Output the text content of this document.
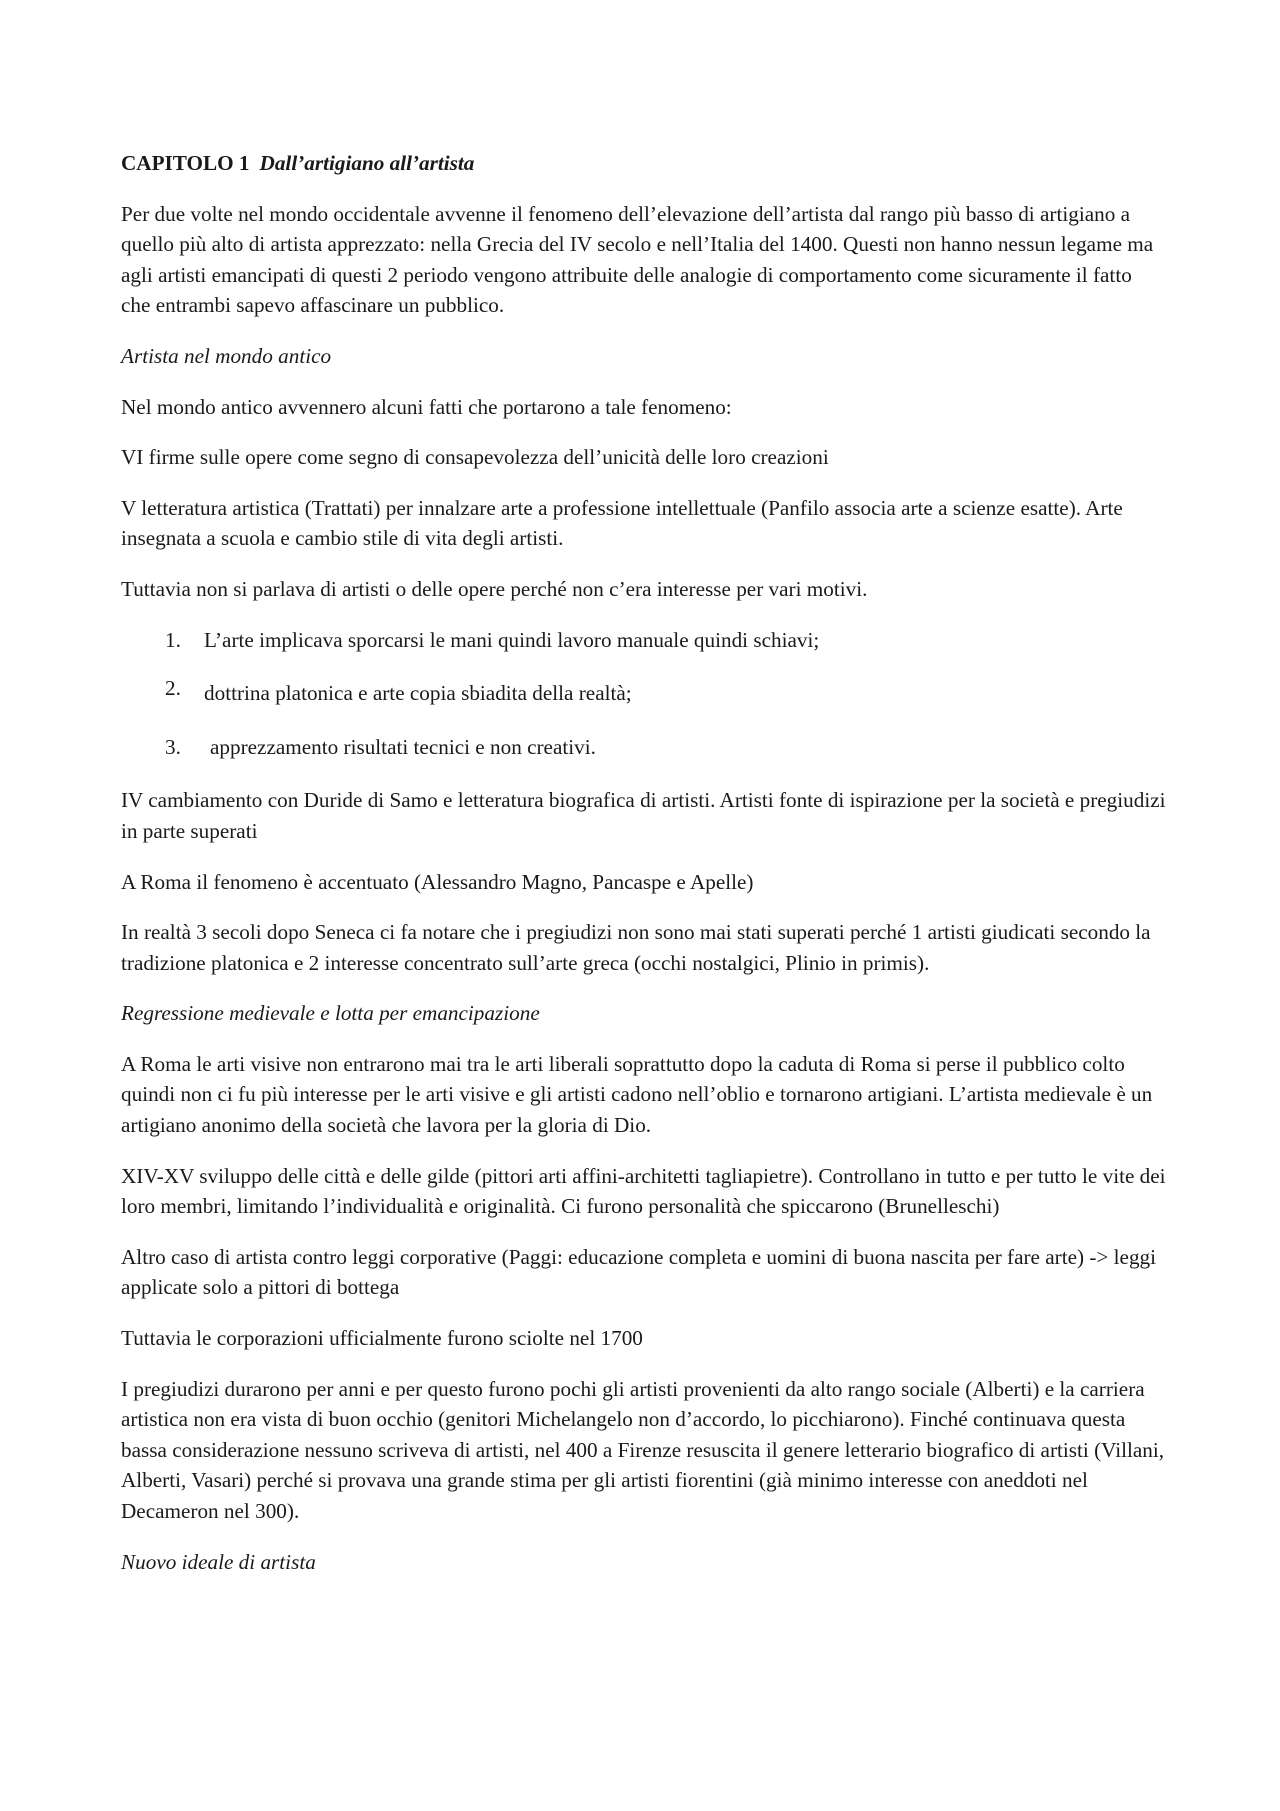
CAPITOLO 1 Dall’artigiano all’artista

Per due volte nel mondo occidentale avvenne il fenomeno dell’elevazione dell’artista dal rango più basso di artigiano a quello più alto di artista apprezzato: nella Grecia del IV secolo e nell’Italia del 1400. Questi non hanno nessun legame ma agli artisti emancipati di questi 2 periodo vengono attribuite delle analogie di comportamento come sicuramente il fatto che entrambi sapevo affascinare un pubblico.

Artista nel mondo antico

Nel mondo antico avvennero alcuni fatti che portarono a tale fenomeno:

VI firme sulle opere come segno di consapevolezza dell’unicità delle loro creazioni

V letteratura artistica (Trattati) per innalzare arte a professione intellettuale (Panfilo associa arte a scienze esatte). Arte insegnata a scuola e cambio stile di vita degli artisti.

Tuttavia non si parlava di artisti o delle opere perché non c’era interesse per vari motivi.

1. L’arte implicava sporcarsi le mani quindi lavoro manuale quindi schiavi;
2. dottrina platonica e arte copia sbiadita della realtà;
3. apprezzamento risultati tecnici e non creativi.

IV cambiamento con Duride di Samo e letteratura biografica di artisti. Artisti fonte di ispirazione per la società e pregiudizi in parte superati

A Roma il fenomeno è accentuato (Alessandro Magno, Pancaspe e Apelle)

In realtà 3 secoli dopo Seneca ci fa notare che i pregiudizi non sono mai stati superati perché 1 artisti giudicati secondo la tradizione platonica e 2 interesse concentrato sull’arte greca (occhi nostalgici, Plinio in primis).

Regressione medievale e lotta per emancipazione

A Roma le arti visive non entrarono mai tra le arti liberali soprattutto dopo la caduta di Roma si perse il pubblico colto quindi non ci fu più interesse per le arti visive e gli artisti cadono nell’oblio e tornarono artigiani. L’artista medievale è un artigiano anonimo della società che lavora per la gloria di Dio.

XIV-XV sviluppo delle città e delle gilde (pittori arti affini-architetti tagliapietre). Controllano in tutto e per tutto le vite dei loro membri, limitando l’individualità e originalità. Ci furono personalità che spiccarono (Brunelleschi)

Altro caso di artista contro leggi corporative (Paggi: educazione completa e uomini di buona nascita per fare arte) -> leggi applicate solo a pittori di bottega

Tuttavia le corporazioni ufficialmente furono sciolte nel 1700

I pregiudizi durarono per anni e per questo furono pochi gli artisti provenienti da alto rango sociale (Alberti) e la carriera artistica non era vista di buon occhio (genitori Michelangelo non d’accordo, lo picchiarono). Finché continuava questa bassa considerazione nessuno scriveva di artisti, nel 400 a Firenze resuscita il genere letterario biografico di artisti (Villani, Alberti, Vasari) perché si provava una grande stima per gli artisti fiorentini (già minimo interesse con aneddoti nel Decameron nel 300).

Nuovo ideale di artista
